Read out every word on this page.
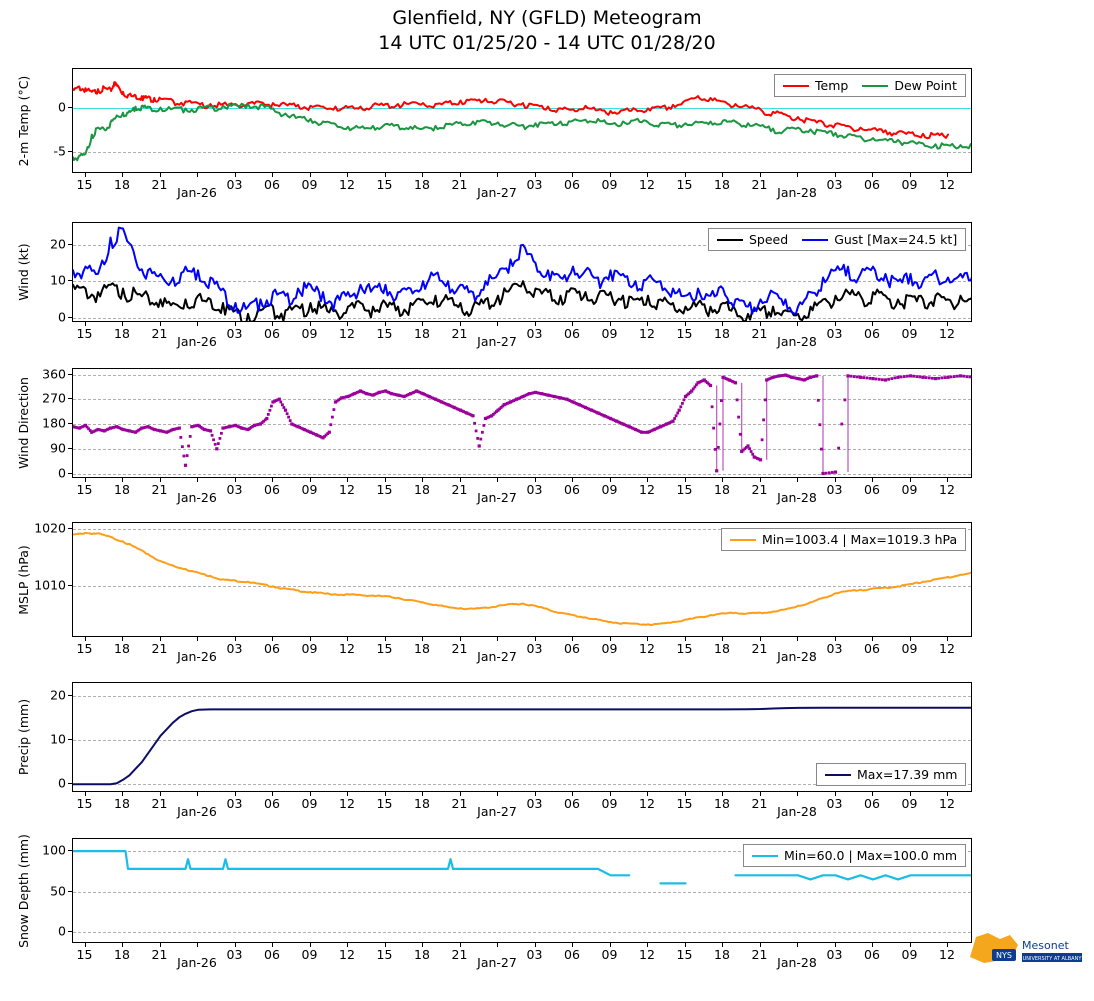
Glenfield, NY (GFLD) Meteogram
14 UTC 01/25/20 - 14 UTC 01/28/20
-5
0
2-m Temp (°C)
15 18 21
Jan-26
03 06 09 12 15 18 21
Jan-27
03 06 09 12 15 18 21
Jan-28
03 06 09 12
0
10
20
Wind (kt)
15 18 21
Jan-26
03 06 09 12 15 18 21
Jan-27
03 06 09 12 15 18 21
Jan-28
03 06 09 12
0
90
180
270
360
Wind Direction
15 18 21
Jan-26
03 06 09 12 15 18 21
Jan-27
03 06 09 12 15 18 21
Jan-28
03 06 09 12
1010
1020
MSLP (hPa)
15 18 21
Jan-26
03 06 09 12 15 18 21
Jan-27
03 06 09 12 15 18 21
Jan-28
03 06 09 12
0
10
20
Precip (mm)
15 18 21
Jan-26
03 06 09 12 15 18 21
Jan-27
03 06 09 12 15 18 21
Jan-28
03 06 09 12
0
50
100
Snow Depth (mm)
15 18 21
Jan-26
03 06 09 12 15 18 21
Jan-27
03 06 09 12 15 18 21
Jan-28
03 06 09 12	NYS
Mesonet
UNIVERSITY AT ALBANY
Temp	Dew Point
Speed	Gust [Max=24.5 kt]
Min=1003.4 | Max=1019.3 hPa
Max=17.39 mm
Min=60.0 | Max=100.0 mm
